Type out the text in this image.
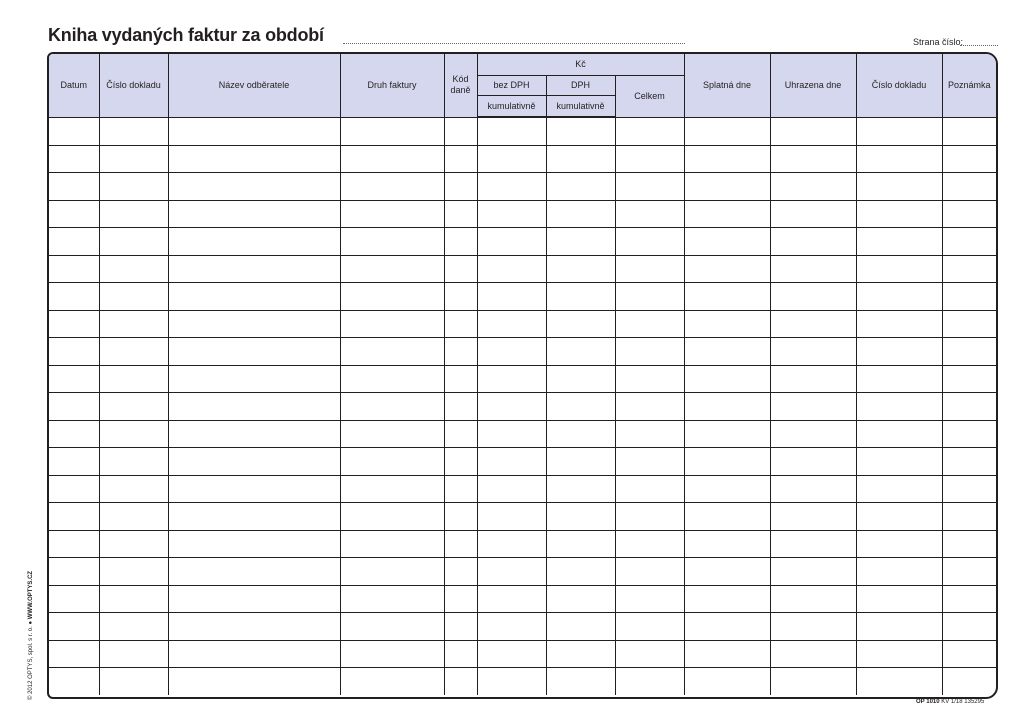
Kniha vydaných faktur za období	Strana číslo:
Datum	Číslo dokladu	Název odběratele	Druh faktury	Kód daně	Kč			Splatná dne	Uhrazena dne	Číslo dokladu	Poznámka
					bez DPH	DPH	Celkem				
					kumulativně	kumulativně					

© 2012 OPTYS, spol. s r. o. ● WWW.OPTYS.CZ
OP 1010 KV 1/18 135295
